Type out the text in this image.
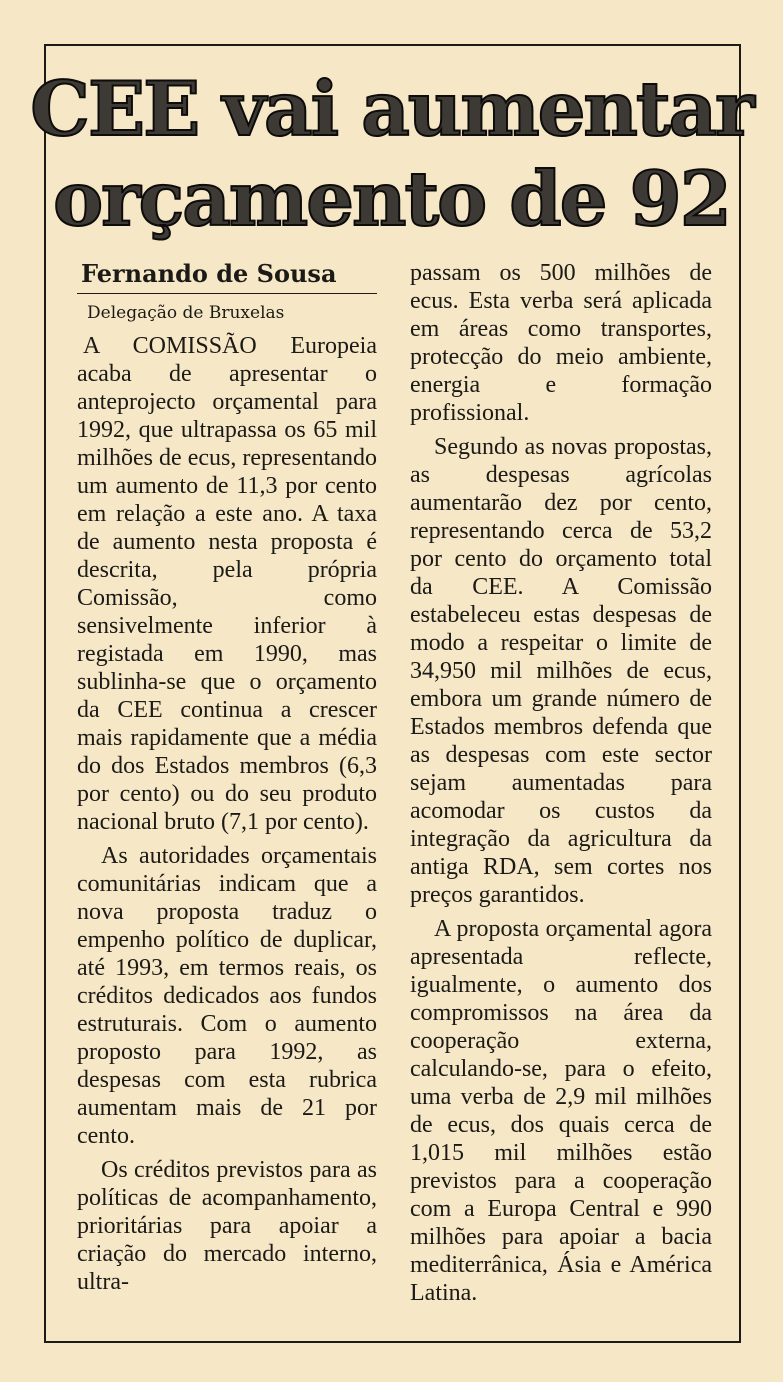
CEE vai aumentar
orçamento de 92
Fernando de Sousa
Delegação de Bruxelas

A COMISSÃO Europeia acaba de apresentar o anteprojecto orçamental para 1992, que ultrapassa os 65 mil milhões de ecus, representando um aumento de 11,3 por cento em relação a este ano. A taxa de aumento nesta proposta é descrita, pela própria Comissão, como sensivelmente inferior à registada em 1990, mas sublinha-se que o orçamento da CEE continua a crescer mais rapidamente que a média do dos Estados membros (6,3 por cento) ou do seu produto nacional bruto (7,1 por cento).

As autoridades orçamentais comunitárias indicam que a nova proposta traduz o empenho político de duplicar, até 1993, em termos reais, os créditos dedicados aos fundos estruturais. Com o aumento proposto para 1992, as despesas com esta rubrica aumentam mais de 21 por cento.

Os créditos previstos para as políticas de acompanhamento, prioritárias para apoiar a criação do mercado interno, ultra-

passam os 500 milhões de ecus. Esta verba será aplicada em áreas como transportes, protecção do meio ambiente, energia e formação profissional.

Segundo as novas propostas, as despesas agrícolas aumentarão dez por cento, representando cerca de 53,2 por cento do orçamento total da CEE. A Comissão estabeleceu estas despesas de modo a respeitar o limite de 34,950 mil milhões de ecus, embora um grande número de Estados membros defenda que as despesas com este sector sejam aumentadas para acomodar os custos da integração da agricultura da antiga RDA, sem cortes nos preços garantidos.

A proposta orçamental agora apresentada reflecte, igualmente, o aumento dos compromissos na área da cooperação externa, calculando-se, para o efeito, uma verba de 2,9 mil milhões de ecus, dos quais cerca de 1,015 mil milhões estão previstos para a cooperação com a Europa Central e 990 milhões para apoiar a bacia mediterrânica, Ásia e América Latina.
